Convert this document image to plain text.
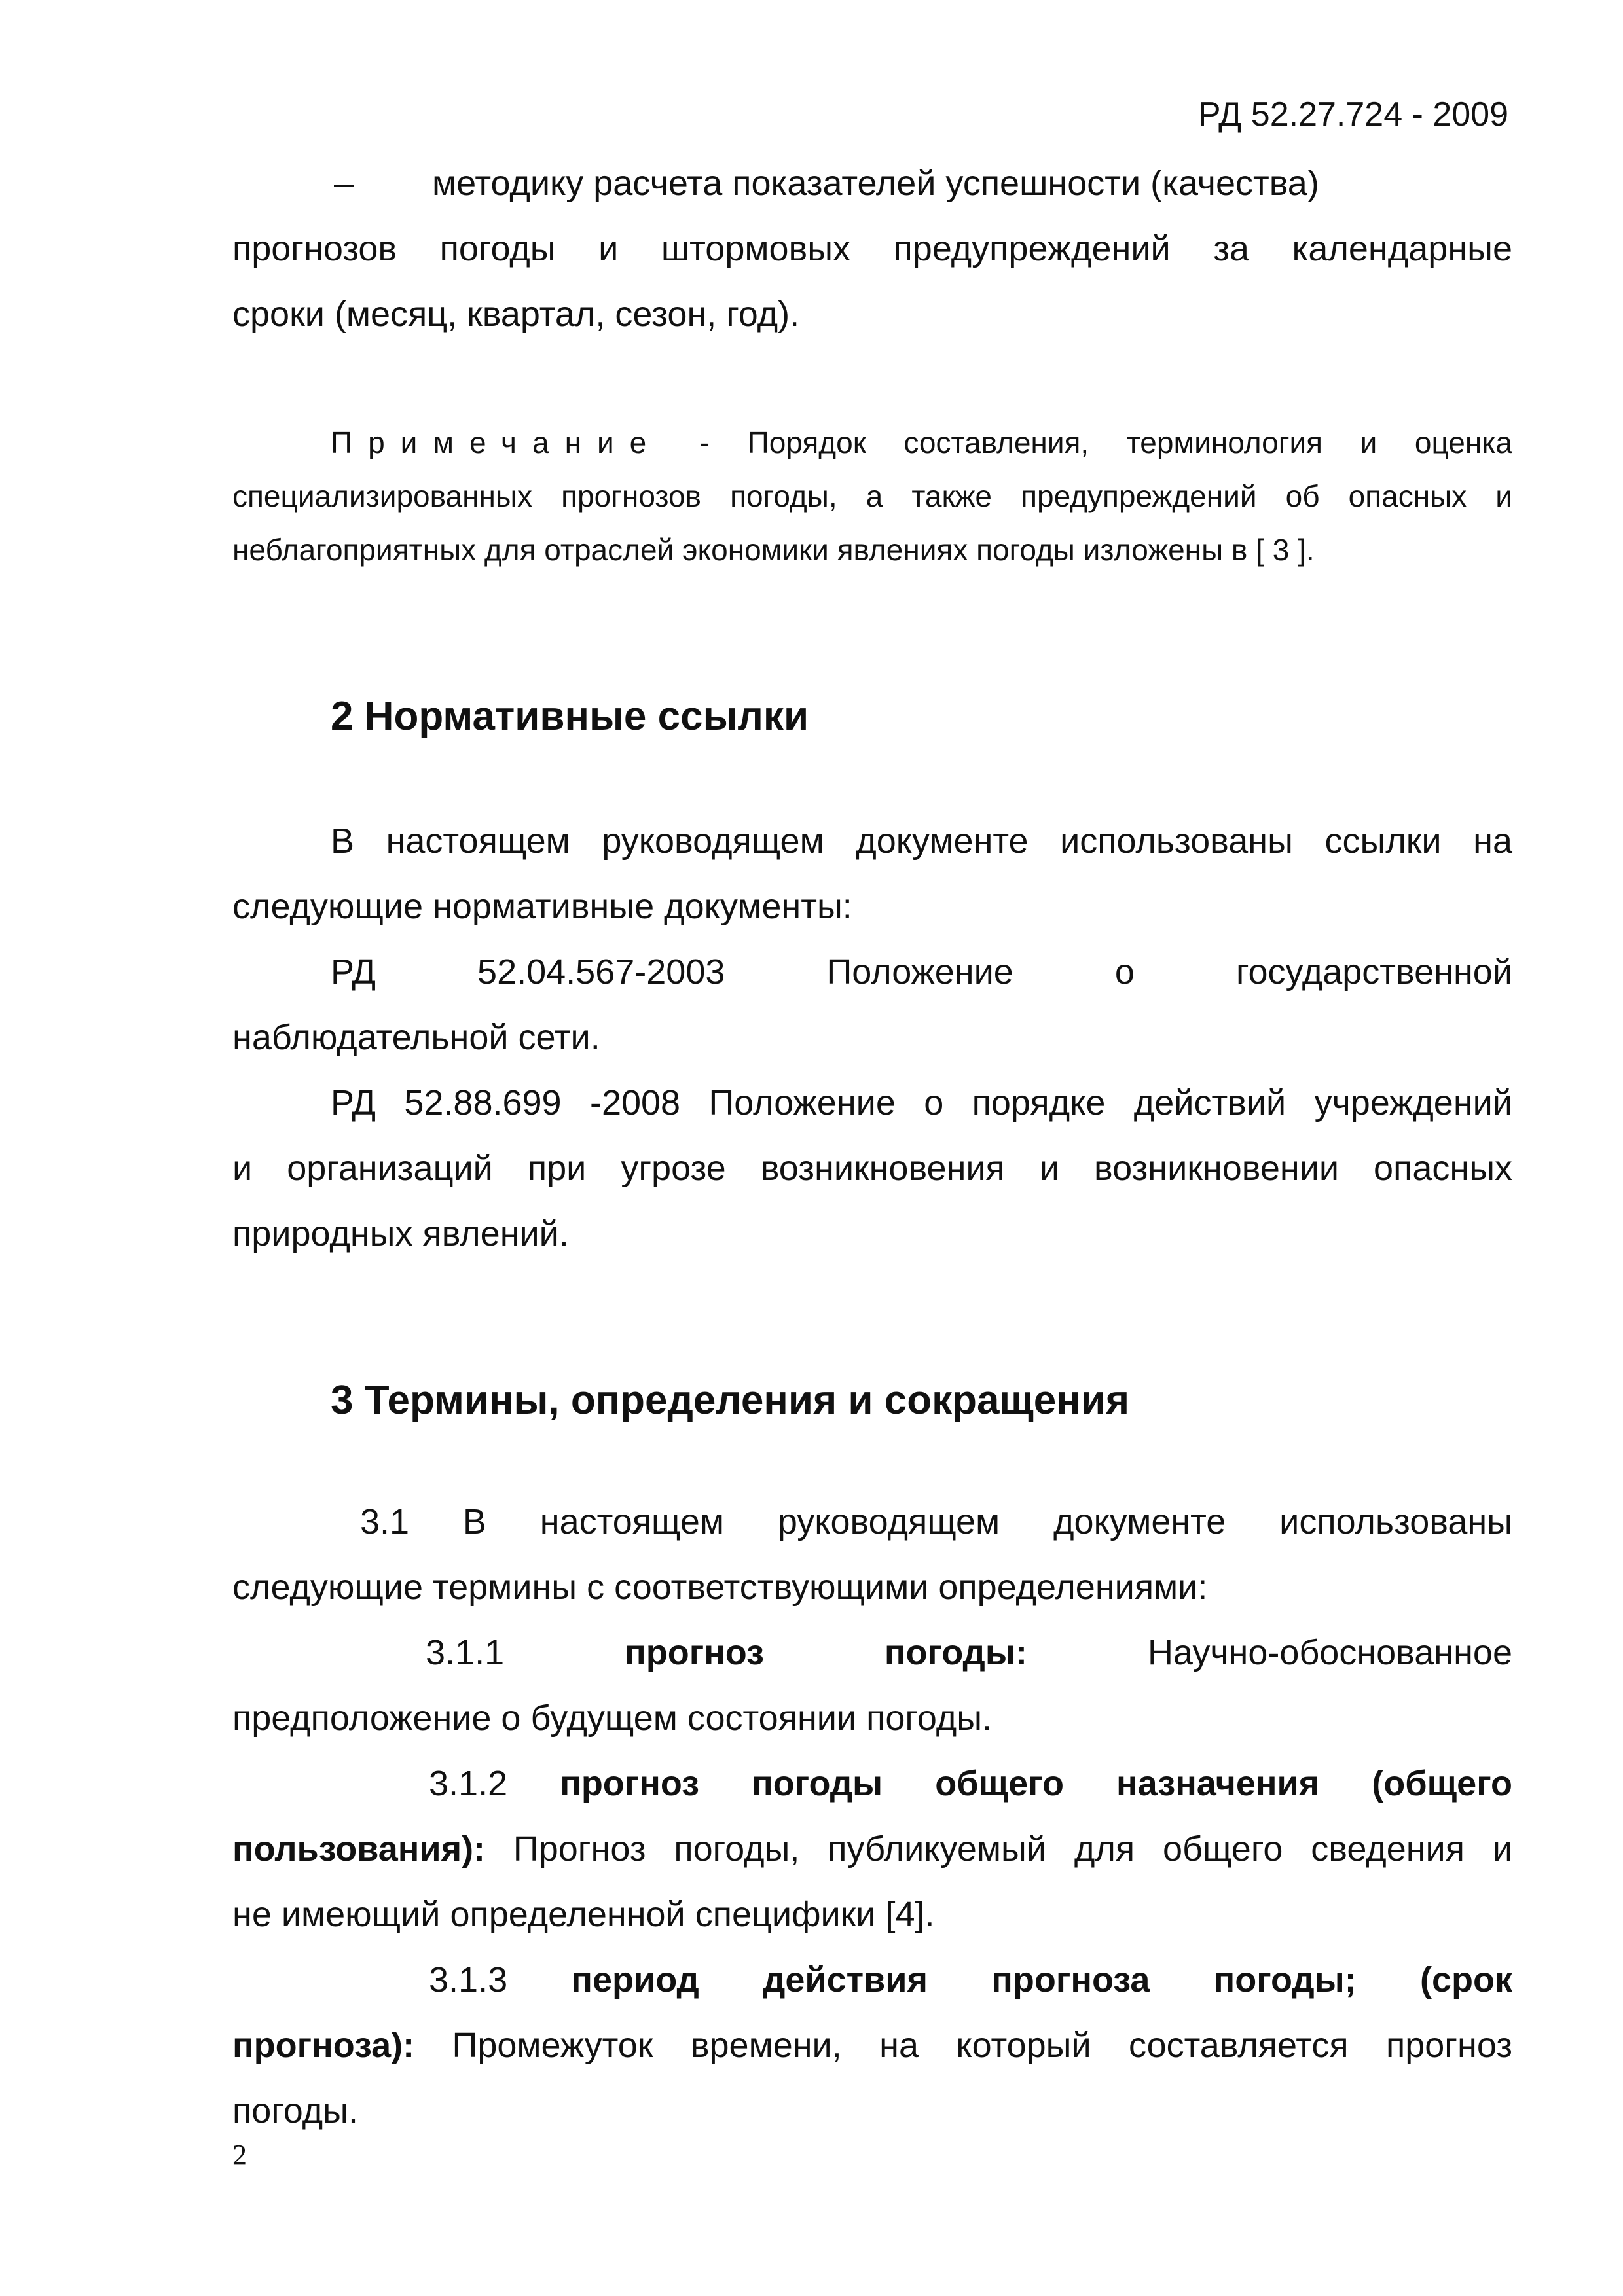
РД 52.27.724 - 2009
– методику расчета показателей успешности (качества)
прогнозов погоды и штормовых предупреждений за календарные
сроки (месяц, квартал, сезон, год).
Примечание - Порядок составления, терминология и оценка
специализированных прогнозов погоды, а также предупреждений об опасных и
неблагоприятных для отраслей экономики явлениях погоды изложены в [ 3 ].
2 Нормативные ссылки
В настоящем руководящем документе использованы ссылки на
следующие нормативные документы:
РД 52.04.567-2003 Положение о государственной
наблюдательной сети.
РД 52.88.699 -2008 Положение о порядке действий учреждений
и организаций при угрозе возникновения и возникновении опасных
природных явлений.
3 Термины, определения и сокращения
3.1 В настоящем руководящем документе использованы
следующие термины с соответствующими определениями:
3.1.1	прогноз погоды:	Научно-обоснованное
предположение о будущем состоянии погоды.
3.1.2 прогноз погоды общего назначения (общего
пользования): Прогноз погоды, публикуемый для общего сведения и
не имеющий определенной специфики [4].
3.1.3 период действия прогноза погоды; (срок
прогноза): Промежуток времени, на который составляется прогноз
погоды.
2
